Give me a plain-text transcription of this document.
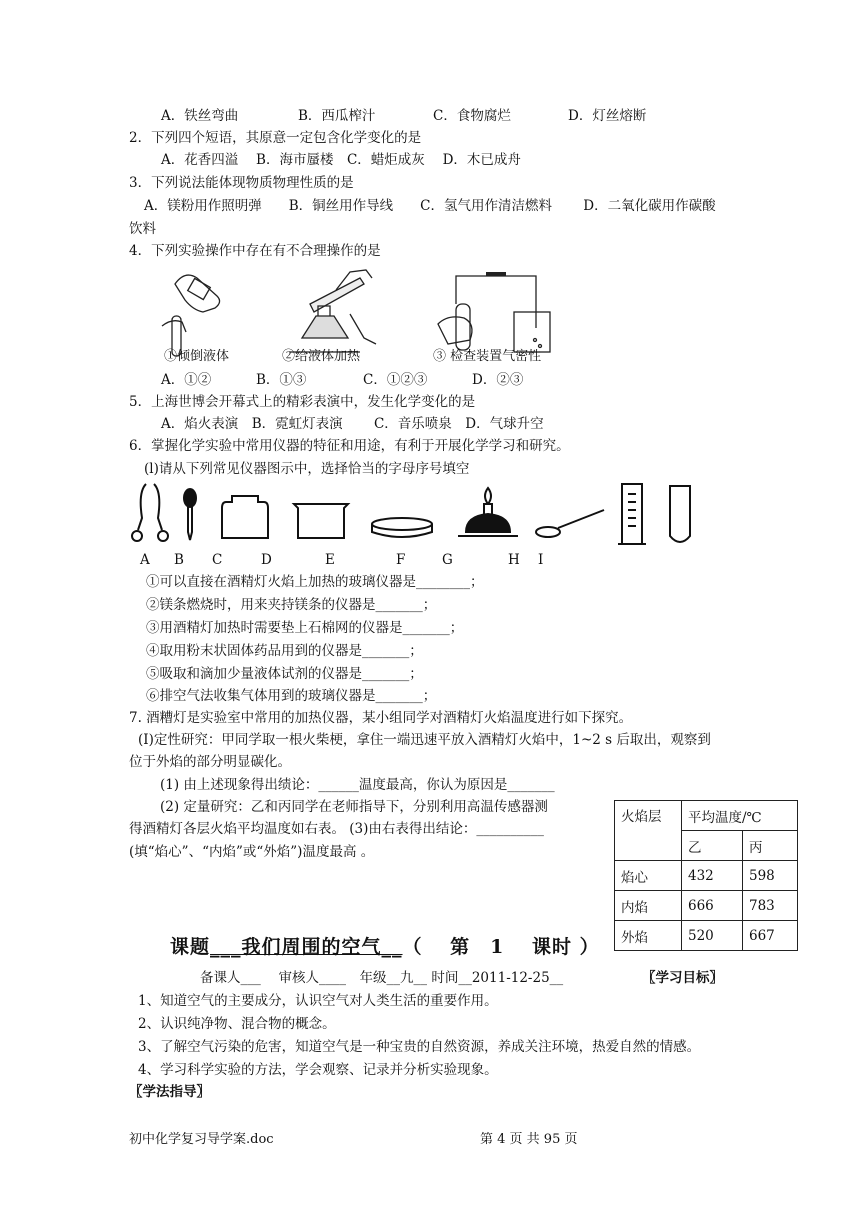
A．铁丝弯曲	B．西瓜榨汁	C．食物腐烂	D．灯丝熔断
2．下列四个短语，其原意一定包含化学变化的是
A．花香四溢　 B．海市蜃楼　C．蜡炬成灰　 D．木已成舟
3．下列说法能体现物质物理性质的是
A．镁粉用作照明弹　　B．铜丝用作导线　　C．氢气用作清洁燃料　　 D．二氧化碳用作碳酸
饮料
4．下列实验操作中存在有不合理操作的是
①倾倒液体	②给液体加热	③ 检查装置气密性
A．①②	B．①③	C．①②③	D．②③
5．上海世博会开幕式上的精彩表演中，发生化学变化的是
A．焰火表演　B．霓虹灯表演　　 C．音乐喷泉　D．气球升空
6．掌握化学实验中常用仪器的特征和用途，有利于开展化学学习和研究。
(l)请从下列常见仪器图示中，选择恰当的字母序号填空
A B C	D	E	F	G	H I
①可以直接在酒精灯火焰上加热的玻璃仪器是________；
②镁条燃烧时，用来夹持镁条的仪器是_______；
③用酒精灯加热时需要垫上石棉网的仪器是_______；
④取用粉末状固体药品用到的仪器是_______；
⑤吸取和滴加少量液体试剂的仪器是_______；
⑥排空气法收集气体用到的玻璃仪器是_______；
7. 酒糟灯是实验室中常用的加热仪器，某小组同学对酒精灯火焰温度进行如下探究。
(I)定性研究：甲同学取一根火柴梗，拿住一端迅速平放入酒精灯火焰中，1~2 s 后取出，观察到
位于外焰的部分明显碳化。
(1) 由上述现象得出绩论：______温度最高，你认为原因是_______
(2) 定量研究：乙和丙同学在老师指导下，分别利用高温传感器测
得酒精灯各层火焰平均温度如右表。 (3)由右表得出结论：__________
(填“焰心”、“内焰”或“外焰”)温度最高 。
火焰层	平均温度/℃	
	乙	丙
焰心	432	598
内焰	666	783
外焰	520	667
课题___我们周围的空气__（　 第　1　 课时 ）
备课人___　 审核人____　年级__九__ 时间__2011-12-25__	〖学习目标〗
1、知道空气的主要成分，认识空气对人类生活的重要作用。
2、认识纯净物、混合物的概念。
3、了解空气污染的危害，知道空气是一种宝贵的自然资源，养成关注环境，热爱自然的情感。
4、学习科学实验的方法，学会观察、记录并分析实验现象。
〖学法指导〗
初中化学复习导学案.doc	第 4 页 共 95 页
